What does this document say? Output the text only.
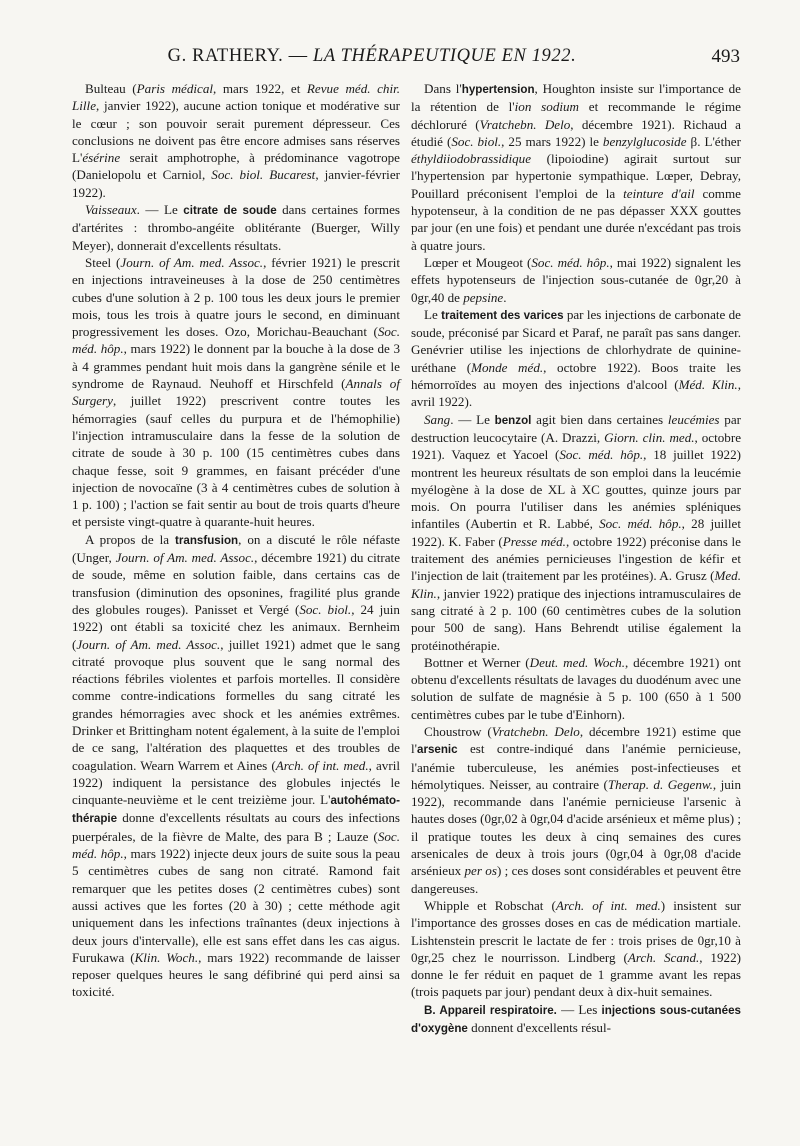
G. RATHERY. — LA THÉRAPEUTIQUE EN 1922.	493

Bulteau (Paris médical, mars 1922, et Revue méd. chir. Lille, janvier 1922), aucune action tonique et modérative sur le cœur ; son pouvoir serait purement dépresseur. Ces conclusions ne doivent pas être encore admises sans réserves L'ésérine serait amphotrophe, à prédominance vagotrope (Danielopolu et Carniol, Soc. biol. Bucarest, janvier-février 1922).

Vaisseaux. — Le citrate de soude dans certaines formes d'artérites : thrombo-angéite oblitérante (Buerger, Willy Meyer), donnerait d'excellents résultats.

Steel (Journ. of Am. med. Assoc., février 1921) le prescrit en injections intraveineuses à la dose de 250 centimètres cubes d'une solution à 2 p. 100 tous les deux jours le premier mois, tous les trois à quatre jours le second, en diminuant progressivement les doses. Ozo, Morichau-Beauchant (Soc. méd. hôp., mars 1922) le donnent par la bouche à la dose de 3 à 4 grammes pendant huit mois dans la gangrène sénile et le syndrome de Raynaud. Neuhoff et Hirschfeld (Annals of Surgery, juillet 1922) prescrivent contre toutes les hémorragies (sauf celles du purpura et de l'hémophilie) l'injection intramusculaire dans la fesse de la solution de citrate de soude à 30 p. 100 (15 centimètres cubes dans chaque fesse, soit 9 grammes, en faisant précéder d'une injection de novocaïne (3 à 4 centimètres cubes de solution à 1 p. 100) ; l'action se fait sentir au bout de trois quarts d'heure et persiste vingt-quatre à quarante-huit heures.

A propos de la transfusion, on a discuté le rôle néfaste (Unger, Journ. of Am. med. Assoc., décembre 1921) du citrate de soude, même en solution faible, dans certains cas de transfusion (diminution des opsonines, fragilité plus grande des globules rouges). Panisset et Vergé (Soc. biol., 24 juin 1922) ont établi sa toxicité chez les animaux. Bernheim (Journ. of Am. med. Assoc., juillet 1921) admet que le sang citraté provoque plus souvent que le sang normal des réactions fébriles violentes et parfois mortelles. Il considère comme contre-indications formelles du sang citraté les grandes hémorragies avec shock et les anémies extrêmes. Drinker et Brittingham notent également, à la suite de l'emploi de ce sang, l'altération des plaquettes et des troubles de coagulation. Wearn Warrem et Aines (Arch. of int. med., avril 1922) indiquent la persistance des globules injectés le cinquante-neuvième et le cent treizième jour. L'autohémato-thérapie donne d'excellents résultats au cours des infections puerpérales, de la fièvre de Malte, des para B ; Lauze (Soc. méd. hôp., mars 1922) injecte deux jours de suite sous la peau 5 centimètres cubes de sang non citraté. Ramond fait remarquer que les petites doses (2 centimètres cubes) sont aussi actives que les fortes (20 à 30) ; cette méthode agit uniquement dans les infections traînantes (deux injections à deux jours d'intervalle), elle est sans effet dans les cas aigus. Furukawa (Klin. Woch., mars 1922) recommande de laisser reposer quelques heures le sang défibriné qui perd ainsi sa toxicité.

Dans l'hypertension, Houghton insiste sur l'importance de la rétention de l'ion sodium et recommande le régime déchloruré (Vratchebn. Delo, décembre 1921). Richaud a étudié (Soc. biol., 25 mars 1922) le benzylglucoside β. L'éther éthyldiiodobrassidique (lipoiodine) agirait surtout sur l'hypertension par hypertonie sympathique. Lœper, Debray, Pouillard préconisent l'emploi de la teinture d'ail comme hypotenseur, à la condition de ne pas dépasser XXX gouttes par jour (en une fois) et pendant une durée n'excédant pas trois à quatre jours.

Lœper et Mougeot (Soc. méd. hôp., mai 1922) signalent les effets hypotenseurs de l'injection sous-cutanée de 0gr,20 à 0gr,40 de pepsine.

Le traitement des varices par les injections de carbonate de soude, préconisé par Sicard et Paraf, ne paraît pas sans danger. Genévrier utilise les injections de chlorhydrate de quinine-uréthane (Monde méd., octobre 1922). Boos traite les hémorroïdes au moyen des injections d'alcool (Méd. Klin., avril 1922).

Sang. — Le benzol agit bien dans certaines leucémies par destruction leucocytaire (A. Drazzi, Giorn. clin. med., octobre 1921). Vaquez et Yacoel (Soc. méd. hôp., 18 juillet 1922) montrent les heureux résultats de son emploi dans la leucémie myélogène à la dose de XL à XC gouttes, quinze jours par mois. On pourra l'utiliser dans les anémies spléniques infantiles (Aubertin et R. Labbé, Soc. méd. hôp., 28 juillet 1922). K. Faber (Presse méd., octobre 1922) préconise dans le traitement des anémies pernicieuses l'ingestion de kéfir et l'injection de lait (traitement par les protéines). A. Grusz (Med. Klin., janvier 1922) pratique des injections intramusculaires de sang citraté à 2 p. 100 (60 centimètres cubes de la solution pour 500 de sang). Hans Behrendt utilise également la protéinothérapie.

Bottner et Werner (Deut. med. Woch., décembre 1921) ont obtenu d'excellents résultats de lavages du duodénum avec une solution de sulfate de magnésie à 5 p. 100 (650 à 1 500 centimètres cubes par le tube d'Einhorn).

Choustrow (Vratchebn. Delo, décembre 1921) estime que l'arsenic est contre-indiqué dans l'anémie pernicieuse, l'anémie tuberculeuse, les anémies post-infectieuses et hémolytiques. Neisser, au contraire (Therap. d. Gegenw., juin 1922), recommande dans l'anémie pernicieuse l'arsenic à hautes doses (0gr,02 à 0gr,04 d'acide arsénieux et même plus) ; il pratique toutes les deux à cinq semaines des cures arsenicales de deux à trois jours (0gr,04 à 0gr,08 d'acide arsénieux per os) ; ces doses sont considérables et peuvent être dangereuses.

Whipple et Robschat (Arch. of int. med.) insistent sur l'importance des grosses doses en cas de médication martiale. Lishtenstein prescrit le lactate de fer : trois prises de 0gr,10 à 0gr,25 chez le nourrisson. Lindberg (Arch. Scand., 1922) donne le fer réduit en paquet de 1 gramme avant les repas (trois paquets par jour) pendant deux à dix-huit semaines.

B. Appareil respiratoire. — Les injections sous-cutanées d'oxygène donnent d'excellents résul-
